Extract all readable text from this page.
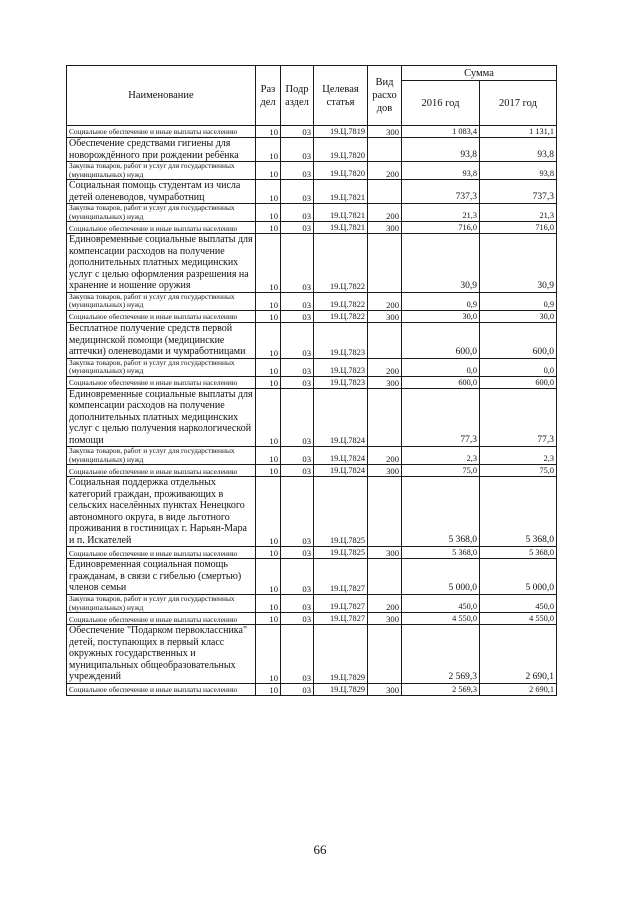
Наименование	Раз дел	Подр аздел	Целевая статья	Вид расхо дов	Сумма	
					2016 год	2017 год
Социальное обеспечение и иные выплаты населению	10	03	19.Ц.7819	300	1 083,4	1 131,1
Обеспечение средствами гигиены для новорождённого при рождении ребёнка	10	03	19.Ц.7820		93,8	93,8
Закупка товаров, работ и услуг для государственных (муниципальных) нужд	10	03	19.Ц.7820	200	93,8	93,8
Социальная помощь студентам из числа детей оленеводов, чумработниц	10	03	19.Ц.7821		737,3	737,3
Закупка товаров, работ и услуг для государственных (муниципальных) нужд	10	03	19.Ц.7821	200	21,3	21,3
Социальное обеспечение и иные выплаты населению	10	03	19.Ц.7821	300	716,0	716,0
Единовременные социальные выплаты для компенсации расходов на получение дополнительных платных медицинских услуг с целью оформления разрешения на хранение и ношение оружия	10	03	19.Ц.7822		30,9	30,9
Закупка товаров, работ и услуг для государственных (муниципальных) нужд	10	03	19.Ц.7822	200	0,9	0,9
Социальное обеспечение и иные выплаты населению	10	03	19.Ц.7822	300	30,0	30,0
Бесплатное получение средств первой медицинской помощи (медицинские аптечки) оленеводами и чумработницами	10	03	19.Ц.7823		600,0	600,0
Закупка товаров, работ и услуг для государственных (муниципальных) нужд	10	03	19.Ц.7823	200	0,0	0,0
Социальное обеспечение и иные выплаты населению	10	03	19.Ц.7823	300	600,0	600,0
Единовременные социальные выплаты для компенсации расходов на получение дополнительных платных медицинских услуг с целью получения наркологической помощи	10	03	19.Ц.7824		77,3	77,3
Закупка товаров, работ и услуг для государственных (муниципальных) нужд	10	03	19.Ц.7824	200	2,3	2,3
Социальное обеспечение и иные выплаты населению	10	03	19.Ц.7824	300	75,0	75,0
Социальная поддержка отдельных категорий граждан, проживающих в сельских населённых пунктах Ненецкого автономного округа, в виде льготного проживания в гостиницах г. Нарьян-Мара и п. Искателей	10	03	19.Ц.7825		5 368,0	5 368,0
Социальное обеспечение и иные выплаты населению	10	03	19.Ц.7825	300	5 368,0	5 368,0
Единовременная социальная помощь гражданам, в связи с гибелью (смертью) членов семьи	10	03	19.Ц.7827		5 000,0	5 000,0
Закупка товаров, работ и услуг для государственных (муниципальных) нужд	10	03	19.Ц.7827	200	450,0	450,0
Социальное обеспечение и иные выплаты населению	10	03	19.Ц.7827	300	4 550,0	4 550,0
Обеспечение "Подарком первоклассника" детей, поступающих в первый класс окружных государственных и муниципальных общеобразовательных учреждений	10	03	19.Ц.7829		2 569,3	2 690,1
Социальное обеспечение и иные выплаты населению	10	03	19.Ц.7829	300	2 569,3	2 690,1
66
